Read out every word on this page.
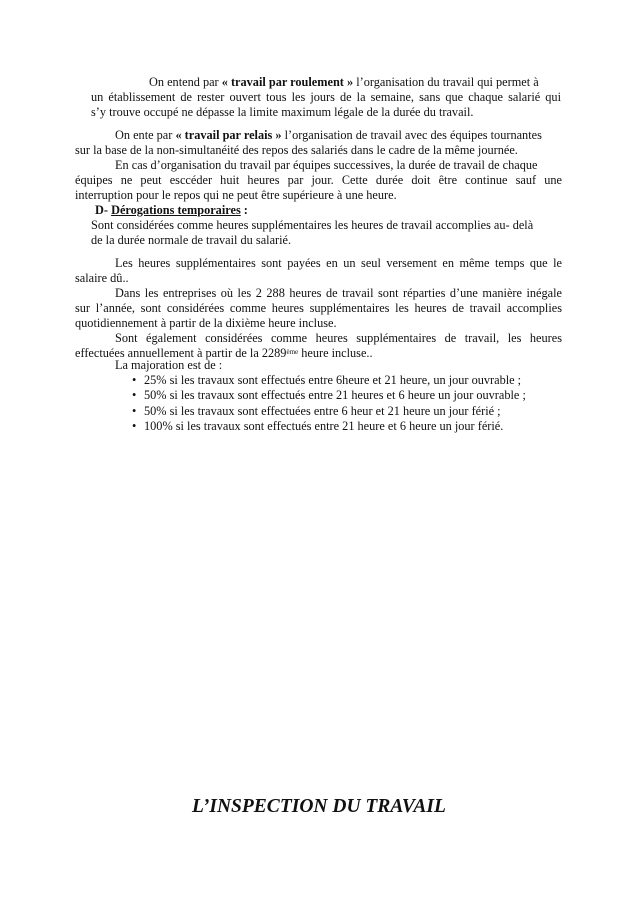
On entend par « travail par roulement » l’organisation du travail qui permet à

un établissement de rester ouvert tous les jours de la semaine, sans que chaque salarié qui

s’y trouve occupé ne dépasse la limite maximum légale de la durée du travail.

On ente par « travail par relais » l’organisation de travail avec des équipes tournantes

sur la base de la non-simultanéité des repos des salariés dans le cadre de la même journée.

En cas d’organisation du travail par équipes successives, la durée de travail de chaque

équipes ne peut esccéder huit heures par jour. Cette durée doit être continue sauf une

interruption pour le repos qui ne peut être supérieure à une heure.

D- Dérogations temporaires :

Sont considérées comme heures supplémentaires les heures de travail accomplies au- delà

de la durée normale de travail du salarié.

Les heures supplémentaires sont payées en un seul versement en même temps que le

salaire dû..

Dans les entreprises où les 2 288 heures de travail sont réparties d’une manière inégale

sur l’année, sont considérées comme heures supplémentaires les heures de travail accomplies

quotidiennement à partir de la dixième heure incluse.

Sont également considérées comme heures supplémentaires de travail, les heures

effectuées annuellement à partir de la 2289ème heure incluse..

La majoration est de :

• 25% si les travaux sont effectués entre 6heure et 21 heure, un jour ouvrable ;
• 50% si les travaux sont effectués entre 21 heures et 6 heure un jour ouvrable ;
• 50% si les travaux sont effectuées entre 6 heur et 21 heure un jour férié ;
• 100% si les travaux sont effectués entre 21 heure et 6 heure un jour férié.
L’INSPECTION DU TRAVAIL
